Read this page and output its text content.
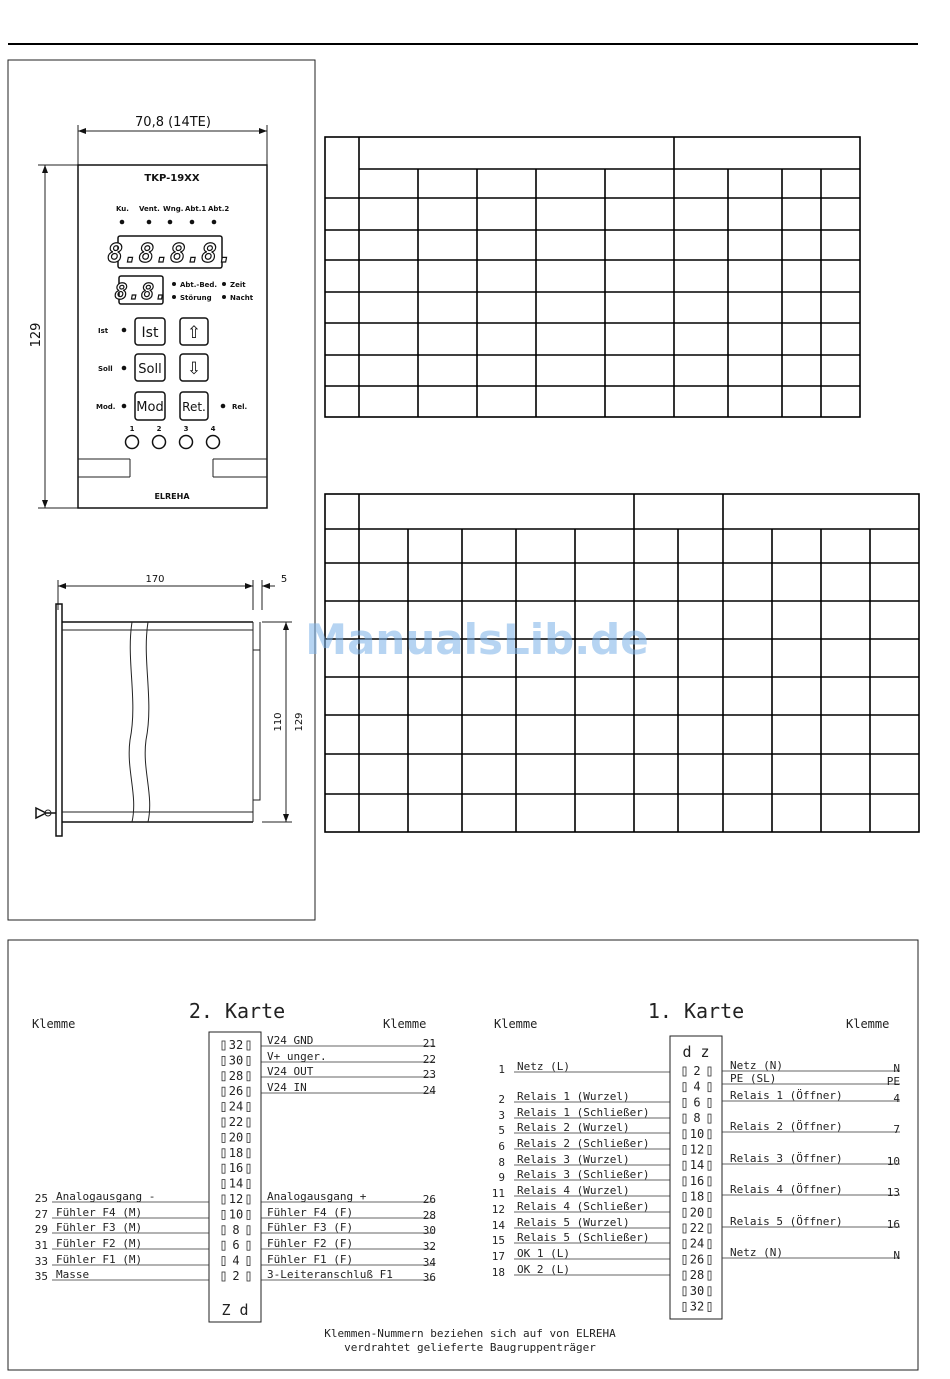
70,8 (14TE)
129
TKP-19XX
Ku. Vent. Wng. Abt.1 Abt.2
8.8.8.8.
8.8. Abt.-Bed. Zeit
Störung	Nacht
Ist Ist ⇧
Soll Soll ⇩
Mod. Mod Ret.	Rel.
1	2	3	4
ELREHA
170	5
110 129
ManualsLib.de
2. Karte
Klemme	Klemme
32
30
28
26
24
22
20
18
16
14
12
10
8
6
4
2
Z d
V24 GND	21
V+ unger.	22
V24 OUT	23
V24 IN	24
Analogausgang +	26
Fühler F4 (F)	28
Fühler F3 (F)	30
Fühler F2 (F)	32
Fühler F1 (F)	34
3-Leiteranschluß F1	36
25 Analogausgang -
27 Fühler F4 (M)
29 Fühler F3 (M)
31 Fühler F2 (M)
33 Fühler F1 (M)
35 Masse
1. Karte
Klemme	Klemme
d z
2
4
6
8
10
12
14
16
18
20
22
24
26
28
30
32
1 Netz (L)
2 Relais 1 (Wurzel)
3 Relais 1 (Schließer)
5 Relais 2 (Wurzel)
6 Relais 2 (Schließer)
8 Relais 3 (Wurzel)
9 Relais 3 (Schließer)
11 Relais 4 (Wurzel)
12 Relais 4 (Schließer)
14 Relais 5 (Wurzel)
15 Relais 5 (Schließer)
17 OK 1 (L)
18 OK 2 (L)
Netz (N)	N
PE (SL)	PE
Relais 1 (Öffner)	4
Relais 2 (Öffner)	7
Relais 3 (Öffner)	10
Relais 4 (Öffner)	13
Relais 5 (Öffner)	16
Netz (N)	N
Klemmen-Nummern beziehen sich auf von ELREHA
verdrahtet gelieferte Baugruppenträger
